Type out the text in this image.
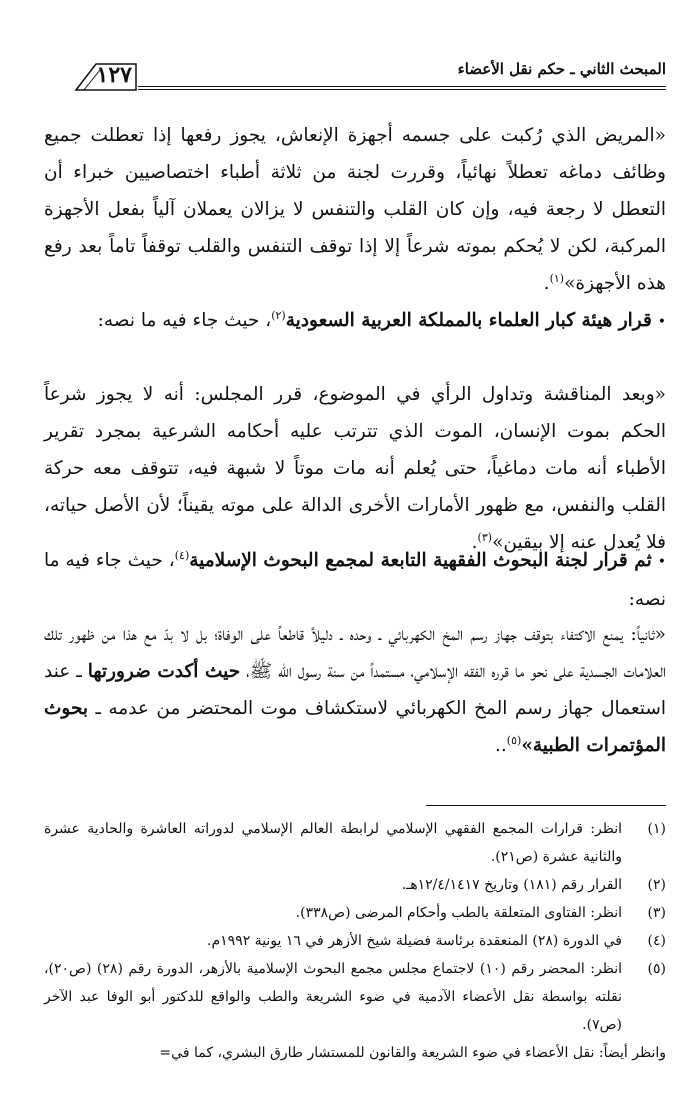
المبحث الثاني ـ حكم نقل الأعضاء
١٢٧

«المريض الذي رُكبت على جسمه أجهزة الإنعاش، يجوز رفعها إذا تعطلت جميع وظائف دماغه تعطلاً نهائياً، وقررت لجنة من ثلاثة أطباء اختصاصيين خبراء أن التعطل لا رجعة فيه، وإن كان القلب والتنفس لا يزالان يعملان آلياً بفعل الأجهزة المركبة، لكن لا يُحكم بموته شرعاً إلا إذا توقف التنفس والقلب توقفاً تاماً بعد رفع هذه الأجهزة»$^{(١)}$.

• قرار هيئة كبار العلماء بالمملكة العربية السعودية$^{(٢)}$، حيث جاء فيه ما نصه:

«وبعد المناقشة وتداول الرأي في الموضوع، قرر المجلس: أنه لا يجوز شرعاً الحكم بموت الإنسان، الموت الذي تترتب عليه أحكامه الشرعية بمجرد تقرير الأطباء أنه مات دماغياً، حتى يُعلم أنه مات موتاً لا شبهة فيه، تتوقف معه حركة القلب والنفس، مع ظهور الأمارات الأخرى الدالة على موته يقيناً؛ لأن الأصل حياته، فلا يُعدل عنه إلا بيقين»$^{(٣)}$.

• ثم قرار لجنة البحوث الفقهية التابعة لمجمع البحوث الإسلامية$^{(٤)}$، حيث جاء فيه ما نصه:

«ثانياً: يمنع الاكتفاء بتوقف جهاز رسم المخ الكهربائي ـ وحده ـ دليلاً قاطعاً على الوفاة؛ بل لا بدّ مع هذا من ظهور تلك العلامات الجسدية على نحو ما قرره الفقه الإسلامي، مستمداً من سنة رسول الله ﷺ، حيث أكدت ضرورتها ـ عند استعمال جهاز رسم المخ الكهربائي لاستكشاف موت المحتضر من عدمه ـ بحوث المؤتمرات الطبية»$^{(٥)}$..

(١)
انظر: قرارات المجمع الفقهي الإسلامي لرابطة العالم الإسلامي لدوراته العاشرة والحادية عشرة والثانية عشرة (ص٢١).
(٢)
القرار رقم (١٨١) وتاريخ ١٢/٤/١٤١٧هـ.
(٣)
انظر: الفتاوى المتعلقة بالطب وأحكام المرضى (ص٣٣٨).
(٤)
في الدورة (٢٨) المنعقدة برئاسة فضيلة شيخ الأزهر في ١٦ يونية ١٩٩٢م.
(٥)
انظر: المحضر رقم (١٠) لاجتماع مجلس مجمع البحوث الإسلامية بالأزهر، الدورة رقم (٢٨) (ص٢٠)، نقلته بواسطة نقل الأعضاء الآدمية في ضوء الشريعة والطب والواقع للدكتور أبو الوفا عبد الآخر (ص٧).
وانظر أيضاً: نقل الأعضاء في ضوء الشريعة والقانون للمستشار طارق البشري، كما في=
